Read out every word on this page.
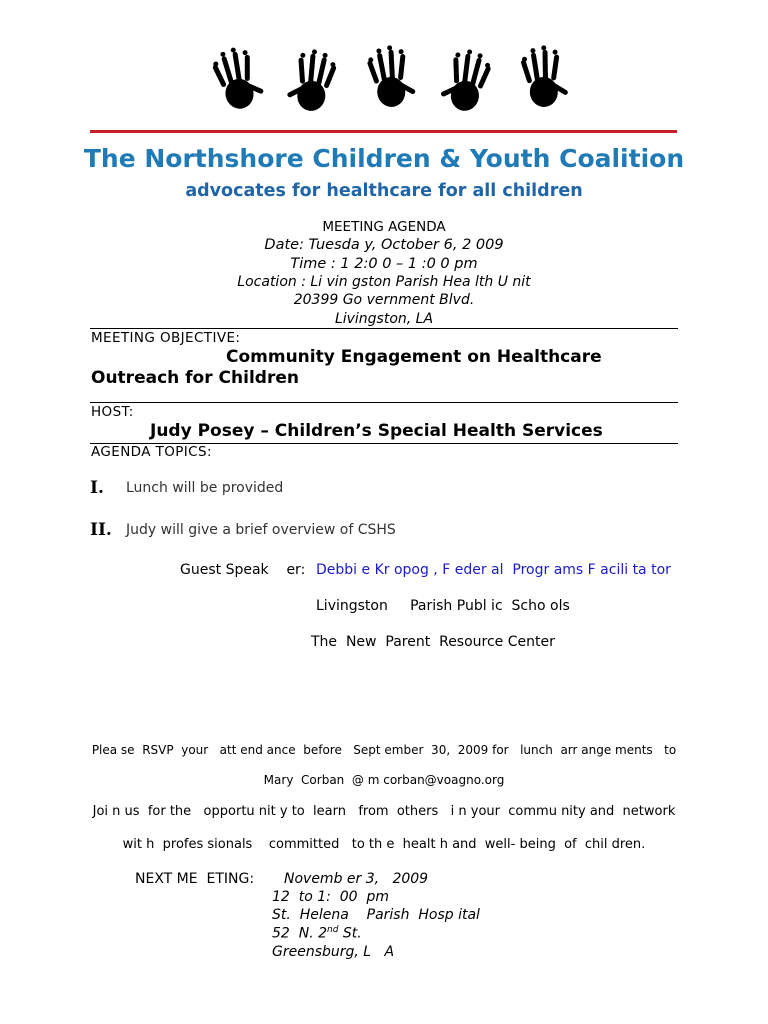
The Northshore Children & Youth Coalition
advocates for healthcare for all children
MEETING AGENDA
Date: Tuesda y, October 6, 2 009
Time : 1 2:0 0 – 1 :0 0 pm
Location : Li vin gston Parish Hea lth U nit
20399 Go vernment Blvd.
Livingston, LA
MEETING OBJECTIVE:
Community Engagement on Healthcare
Outreach for Children
HOST:
Judy Posey – Children’s Special Health Services
AGENDA TOPICS:
I. Lunch will be provided
II. Judy will give a brief overview of CSHS
Guest Speak    er: Debbi e Kr opog , F eder al  Progr ams F acili ta tor
Livingston     Parish Publ ic  Scho ols
The  New  Parent  Resource Center
Plea se  RSVP  your   att end ance  before   Sept ember  30,  2009 for   lunch  arr ange ments   to
Mary  Corban  @ m corban@voagno.org
Joi n us  for the   opportu nit y to  learn   from  others   i n your  commu nity and  network
wit h  profes sionals    committed   to th e  healt h and  well- being  of  chil dren.
NEXT ME  ETING: Novemb er 3,   2009
12  to 1:  00  pm
St.  Helena    Parish  Hosp ital
52  N. 2nd St.
Greensburg, L   A
